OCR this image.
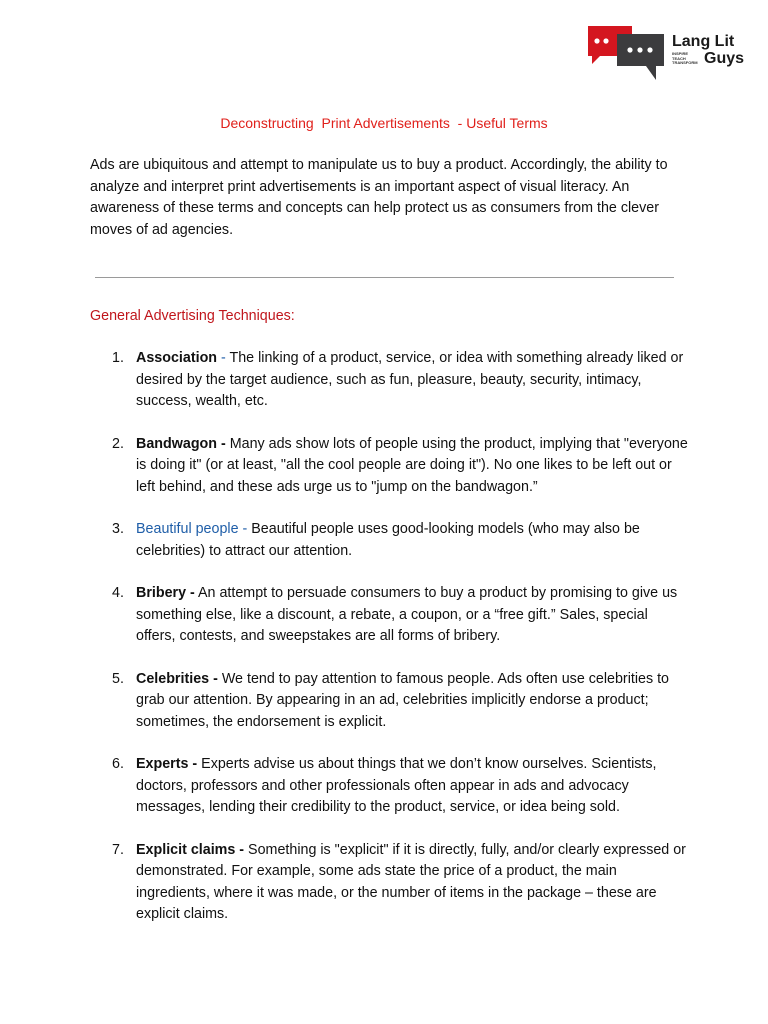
Lang Lit
Guys
INSPIRE
TEACH
TRANSFORM
Deconstructing  Print Advertisements  - Useful Terms

Ads are ubiquitous and attempt to manipulate us to buy a product. Accordingly, the ability to analyze and interpret print advertisements is an important aspect of visual literacy. An awareness of these terms and concepts can help protect us as consumers from the clever moves of ad agencies.

General Advertising Techniques:
1. Association - The linking of a product, service, or idea with something already liked or desired by the target audience, such as fun, pleasure, beauty, security, intimacy, success, wealth, etc.
2. Bandwagon - Many ads show lots of people using the product, implying that "everyone is doing it" (or at least, "all the cool people are doing it"). No one likes to be left out or left behind, and these ads urge us to "jump on the bandwagon.”
3. Beautiful people - Beautiful people uses good-looking models (who may also be celebrities) to attract our attention.
4. Bribery - An attempt to persuade consumers to buy a product by promising to give us something else, like a discount, a rebate, a coupon, or a “free gift.” Sales, special offers, contests, and sweepstakes are all forms of bribery.
5. Celebrities - We tend to pay attention to famous people. Ads often use celebrities to grab our attention. By appearing in an ad, celebrities implicitly endorse a product; sometimes, the endorsement is explicit.
6. Experts - Experts advise us about things that we don’t know ourselves. Scientists, doctors, professors and other professionals often appear in ads and advocacy messages, lending their credibility to the product, service, or idea being sold.
7. Explicit claims - Something is "explicit" if it is directly, fully, and/or clearly expressed or demonstrated. For example, some ads state the price of a product, the main ingredients, where it was made, or the number of items in the package – these are explicit claims.
